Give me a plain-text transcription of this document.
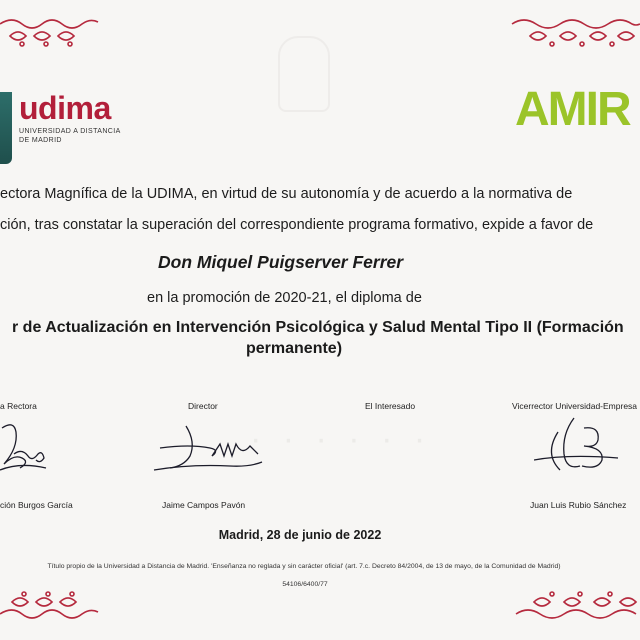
· · · · · ·
udima
UNIVERSIDAD A DISTANCIA
DE MADRID
AMIR
ectora Magnífica de la UDIMA, en virtud de su autonomía y de acuerdo a la normativa de
ción, tras constatar la superación del correspondiente programa formativo, expide a favor de
Don Miquel Puigserver Ferrer
en la promoción de 2020-21, el diploma de
r de Actualización en Intervención Psicológica y Salud Mental Tipo II (Formación
permanente)
a Rectora	Director	El Interesado	Vicerrector Universidad-Empresa
ción Burgos García	Jaime Campos Pavón	Juan Luis Rubio Sánchez
Madrid, 28 de junio de 2022
Título propio de la Universidad a Distancia de Madrid. 'Enseñanza no reglada y sin carácter oficial' (art. 7.c. Decreto 84/2004, de 13 de mayo, de la Comunidad de Madrid)
54106/6400/77
